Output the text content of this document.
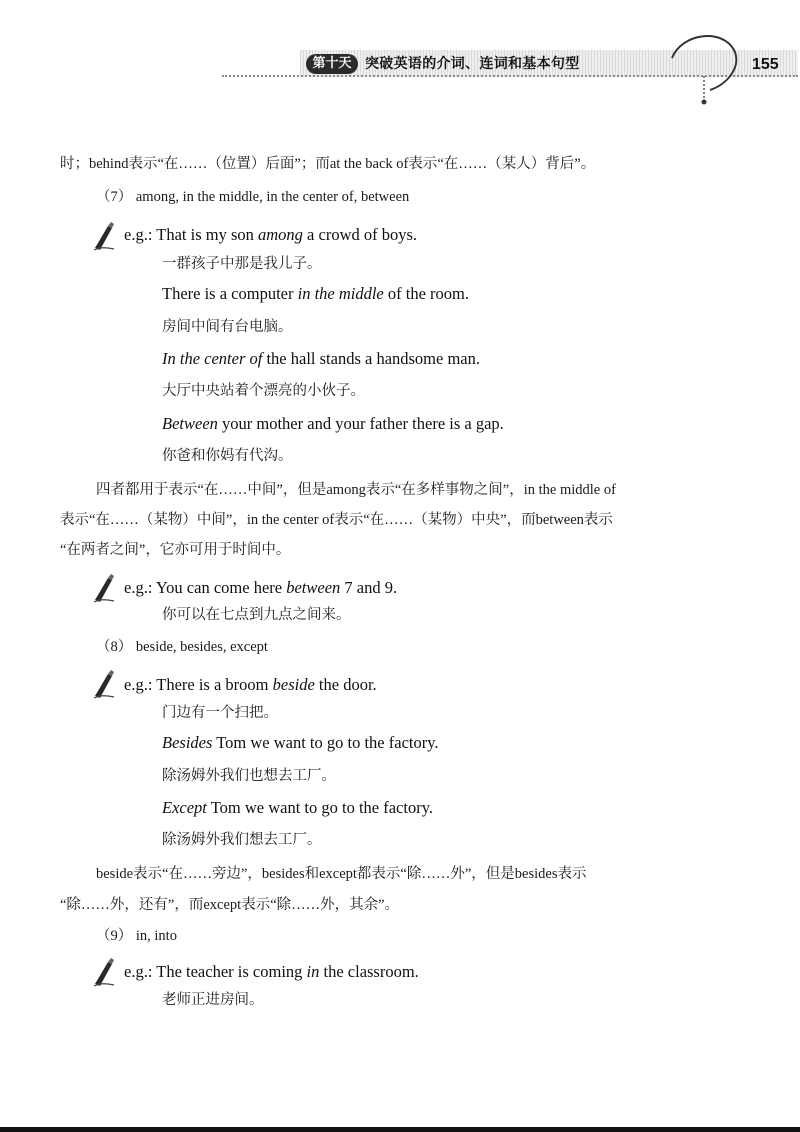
第十天 突破英语的介词、连词和基本句型	155
时；behind表示“在……（位置）后面”；而at the back of表示“在……（某人）背后”。
（7） among, in the middle, in the center of, between
e.g.: That is my son among a crowd of boys.
一群孩子中那是我儿子。
There is a computer in the middle of the room.
房间中间有台电脑。
In the center of the hall stands a handsome man.
大厅中央站着个漂亮的小伙子。
Between your mother and your father there is a gap.
你爸和你妈有代沟。
四者都用于表示“在……中间”，但是among表示“在多样事物之间”，in the middle of
表示“在……（某物）中间”，in the center of表示“在……（某物）中央”，而between表示
“在两者之间”，它亦可用于时间中。
e.g.: You can come here between 7 and 9.
你可以在七点到九点之间来。
（8） beside, besides, except
e.g.: There is a broom beside the door.
门边有一个扫把。
Besides Tom we want to go to the factory.
除汤姆外我们也想去工厂。
Except Tom we want to go to the factory.
除汤姆外我们想去工厂。
beside表示“在……旁边”，besides和except都表示“除……外”，但是besides表示
“除……外，还有”，而except表示“除……外，其余”。
（9） in, into
e.g.: The teacher is coming in the classroom.
老师正进房间。
